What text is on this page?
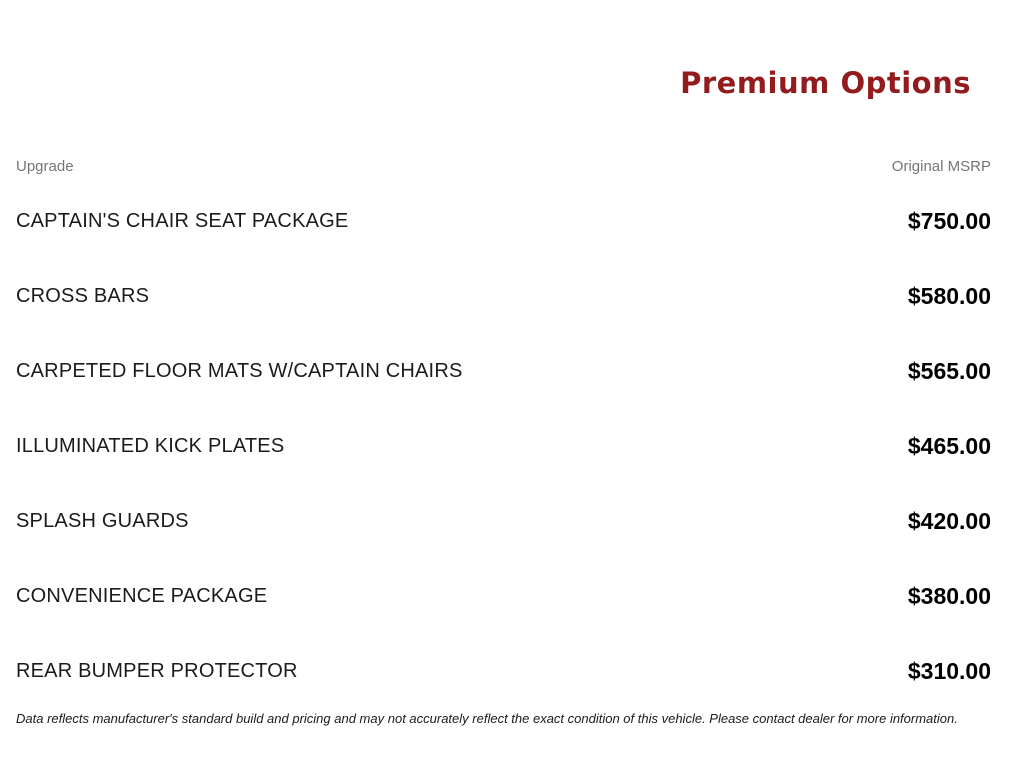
Premium Options
Upgrade	Original MSRP
CAPTAIN'S CHAIR SEAT PACKAGE	$750.00
CROSS BARS	$580.00
CARPETED FLOOR MATS W/CAPTAIN CHAIRS	$565.00
ILLUMINATED KICK PLATES	$465.00
SPLASH GUARDS	$420.00
CONVENIENCE PACKAGE	$380.00
REAR BUMPER PROTECTOR	$310.00
Data reflects manufacturer's standard build and pricing and may not accurately reflect the exact condition of this vehicle. Please contact dealer for more information.
